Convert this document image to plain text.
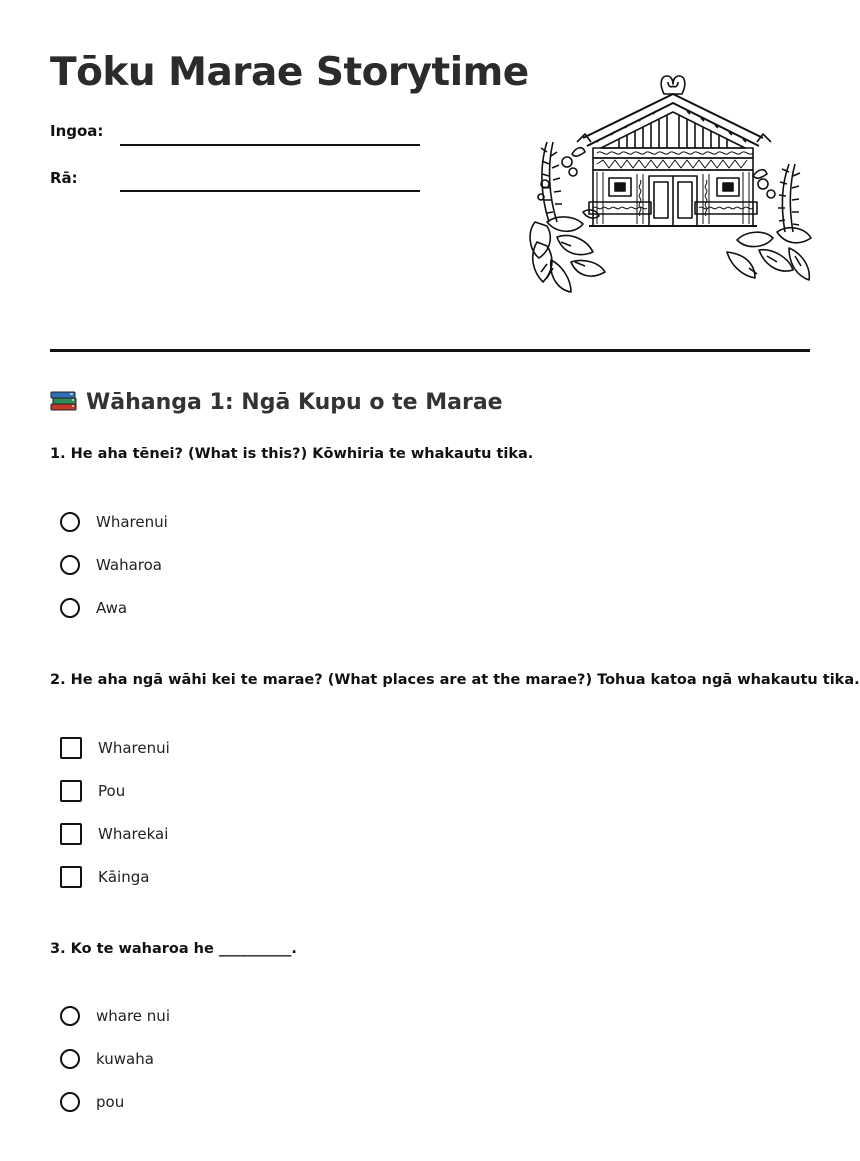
Tōku Marae Storytime
Ingoa:
Rā:
Wāhanga 1: Ngā Kupu o te Marae

1. He aha tēnei? (What is this?) Kōwhiria te whakautu tika.

Wharenui
Waharoa
Awa

2. He aha ngā wāhi kei te marae? (What places are at the marae?) Tohua katoa ngā whakautu tika.

Wharenui
Pou
Wharekai
Kāinga

3. Ko te waharoa he __________.

whare nui
kuwaha
pou
